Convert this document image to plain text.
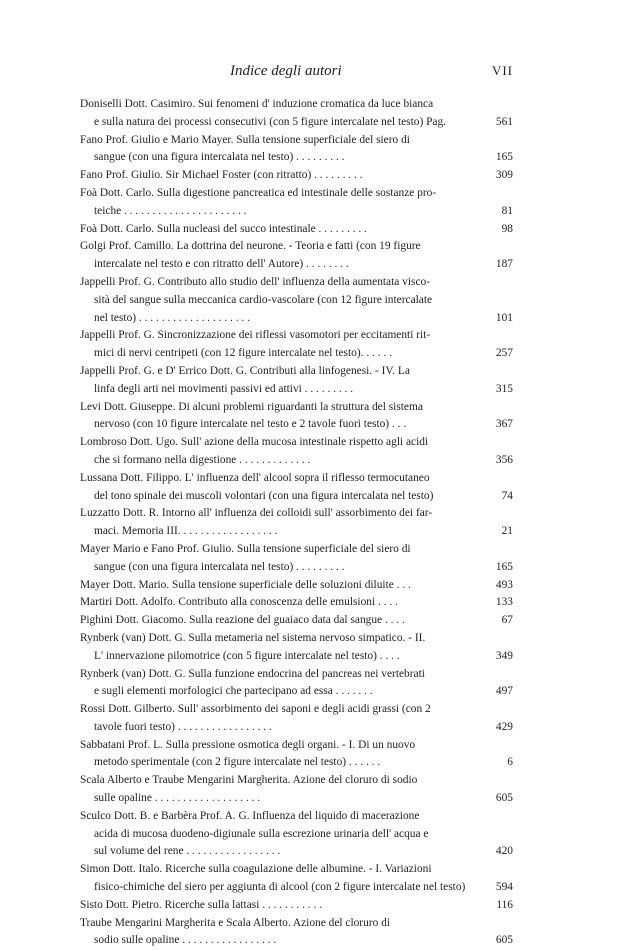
Indice degli autori	VII
Doniselli Dott. Casimiro. Sui fenomeni d' induzione cromatica da luce bianca
e sulla natura dei processi consecutivi (con 5 figure intercalate nel testo) Pag.	561
Fano Prof. Giulio e Mario Mayer. Sulla tensione superficiale del siero di
sangue (con una figura intercalata nel testo) . . . . . . . . .	165
Fano Prof. Giulio. Sir Michael Foster (con ritratto) . . . . . . . . .	309
Foà Dott. Carlo. Sulla digestione pancreatica ed intestinale delle sostanze pro-
teiche . . . . . . . . . . . . . . . . . . . . . .	81
Foà Dott. Carlo. Sulla nucleasi del succo intestinale . . . . . . . . .	98
Golgi Prof. Camillo. La dottrina del neurone. - Teoria e fatti (con 19 figure
intercalate nel testo e con ritratto dell' Autore) . . . . . . . .	187
Jappelli Prof. G. Contributo allo studio dell' influenza della aumentata visco-
sità del sangue sulla meccanica cardio-vascolare (con 12 figure intercalate
nel testo) . . . . . . . . . . . . . . . . . . . .	101
Jappelli Prof. G. Sincronizzazione dei riflessi vasomotori per eccitamenti rit-
mici di nervi centripeti (con 12 figure intercalate nel testo). . . . . .	257
Jappelli Prof. G. e D' Errico Dott. G. Contributi alla linfogenesi. - IV. La
linfa degli arti nei movimenti passivi ed attivi . . . . . . . . .	315
Levi Dott. Giuseppe. Di alcuni problemi riguardanti la struttura del sistema
nervoso (con 10 figure intercalate nel testo e 2 tavole fuori testo) . . .	367
Lombroso Dott. Ugo. Sull' azione della mucosa intestinale rispetto agli acidi
che si formano nella digestione . . . . . . . . . . . . .	356
Lussana Dott. Filippo. L' influenza dell' alcool sopra il riflesso termocutaneo
del tono spinale dei muscoli volontari (con una figura intercalata nel testo)	74
Luzzatto Dott. R. Intorno all' influenza dei colloidi sull' assorbimento dei far-
maci. Memoria III. . . . . . . . . . . . . . . . . .	21
Mayer Mario e Fano Prof. Giulio. Sulla tensione superficiale del siero di
sangue (con una figura intercalata nel testo) . . . . . . . . .	165
Mayer Dott. Mario. Sulla tensione superficiale delle soluzioni diluite . . .	493
Martiri Dott. Adolfo. Contributo alla conoscenza delle emulsioni . . . .	133
Pighini Dott. Giacomo. Sulla reazione del guaiaco data dal sangue . . . .	67
Rynberk (van) Dott. G. Sulla metameria nel sistema nervoso simpatico. - II.
L' innervazione pilomotrice (con 5 figure intercalate nel testo) . . . .	349
Rynberk (van) Dott. G. Sulla funzione endocrina del pancreas nei vertebrati
e sugli elementi morfologici che partecipano ad essa . . . . . . .	497
Rossi Dott. Gilberto. Sull' assorbimento dei saponi e degli acidi grassi (con 2
tavole fuori testo) . . . . . . . . . . . . . . . . .	429
Sabbatani Prof. L. Sulla pressione osmotica degli organi. - I. Di un nuovo
metodo sperimentale (con 2 figure intercalate nel testo) . . . . . .	6
Scala Alberto e Traube Mengarini Margherita. Azione del cloruro di sodio
sulle opaline . . . . . . . . . . . . . . . . . . .	605
Sculco Dott. B. e Barbèra Prof. A. G. Influenza del liquido di macerazione
acida di mucosa duodeno-digiunale sulla escrezione urinaria dell' acqua e
sul volume del rene . . . . . . . . . . . . . . . . .	420
Simon Dott. Italo. Ricerche sulla coagulazione delle albumine. - I. Variazioni
fisico-chimiche del siero per aggiunta di alcool (con 2 figure intercalate nel testo)	594
Sisto Dott. Pietro. Ricerche sulla lattasi . . . . . . . . . . .	116
Traube Mengarini Margherita e Scala Alberto. Azione del cloruro di
sodio sulle opaline . . . . . . . . . . . . . . . . .	605
